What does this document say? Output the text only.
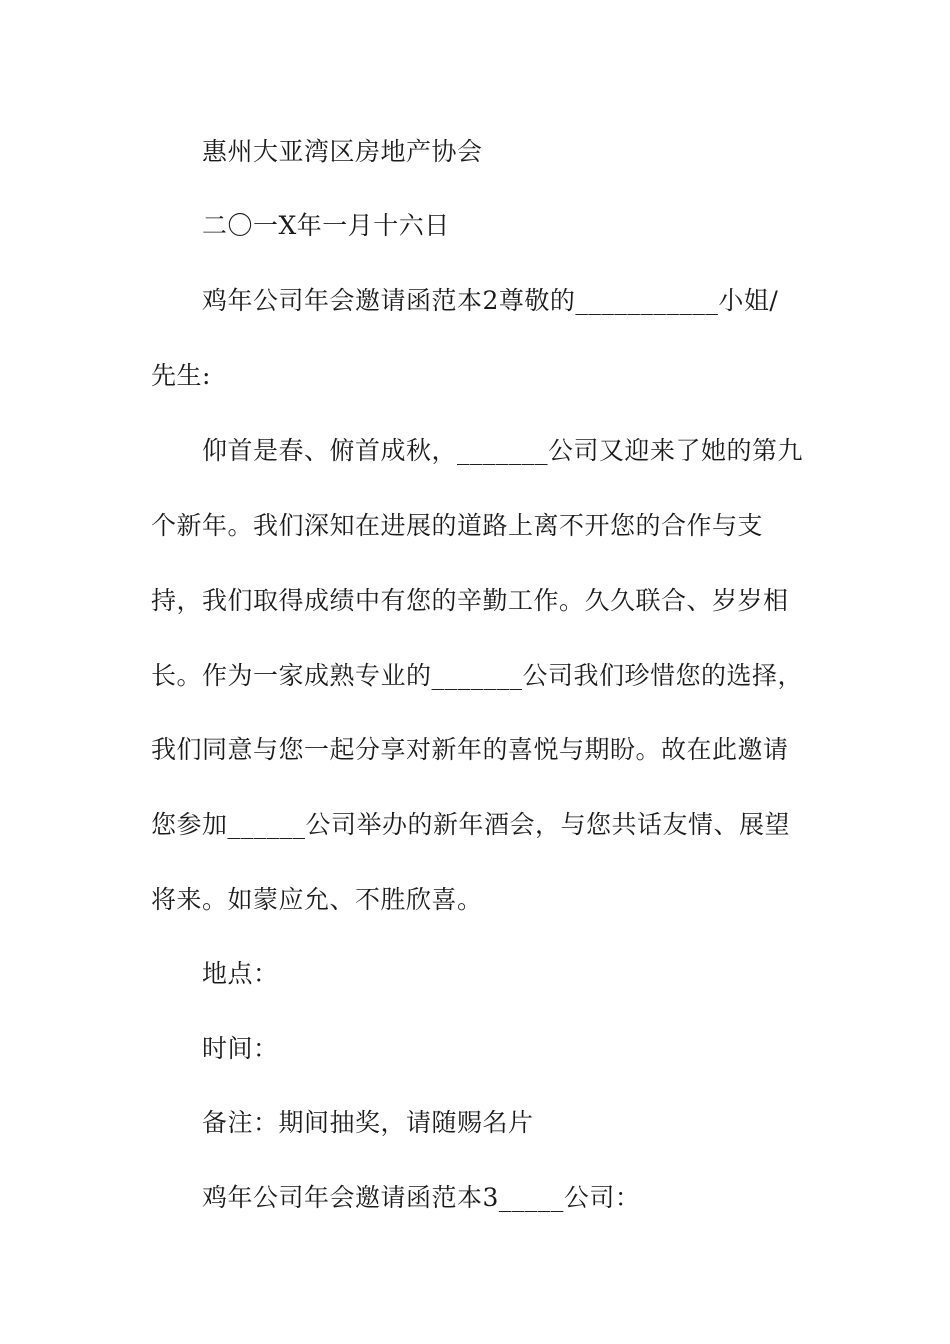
惠州大亚湾区房地产协会

二〇一X年一月十六日

鸡年公司年会邀请函范本2尊敬的___________小姐/

先生:

仰首是春、俯首成秋，_______公司又迎来了她的第九

个新年。我们深知在进展的道路上离不开您的合作与支

持，我们取得成绩中有您的辛勤工作。久久联合、岁岁相

长。作为一家成熟专业的_______公司我们珍惜您的选择，

我们同意与您一起分享对新年的喜悦与期盼。故在此邀请

您参加______公司举办的新年酒会，与您共话友情、展望

将来。如蒙应允、不胜欣喜。

地点：

时间：

备注：期间抽奖，请随赐名片

鸡年公司年会邀请函范本3_____公司：
